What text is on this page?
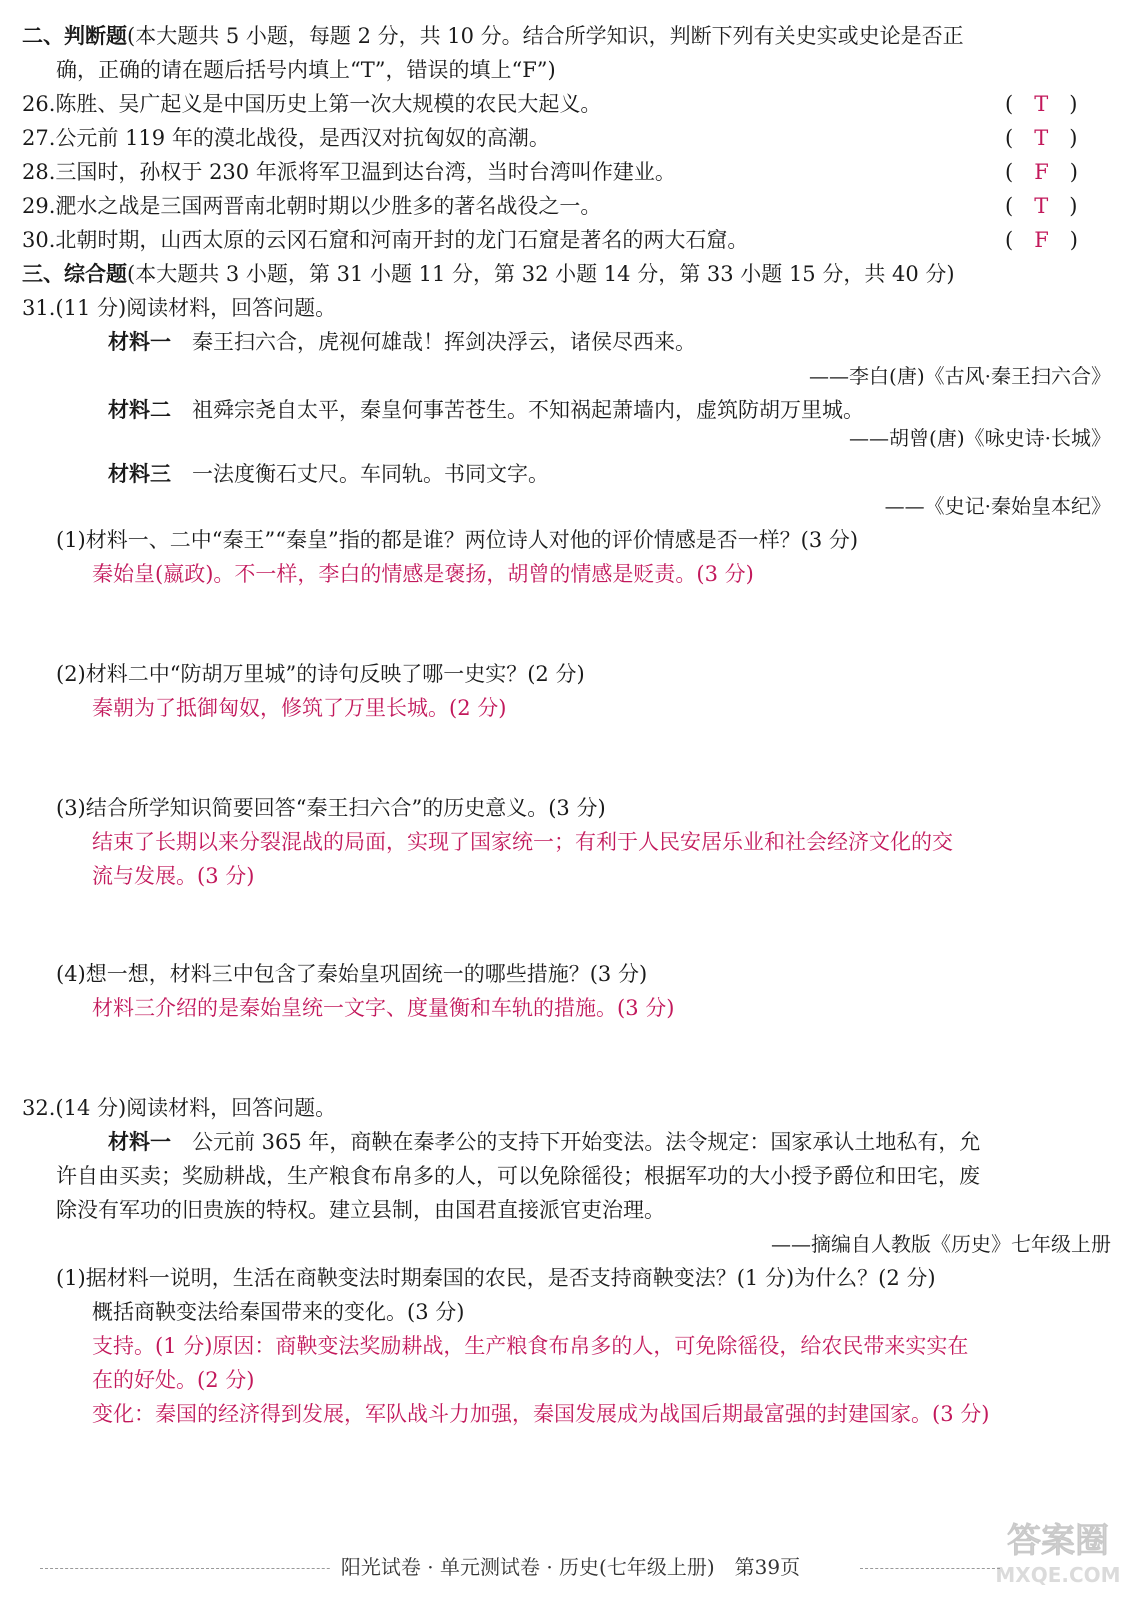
二、判断题(本大题共 5 小题，每题 2 分，共 10 分。结合所学知识，判断下列有关史实或史论是否正
确，正确的请在题后括号内填上“T”，错误的填上“F”)
26.陈胜、吴广起义是中国历史上第一次大规模的农民大起义。	(　T　)
27.公元前 119 年的漠北战役，是西汉对抗匈奴的高潮。	(　T　)
28.三国时，孙权于 230 年派将军卫温到达台湾，当时台湾叫作建业。	(　F　)
29.淝水之战是三国两晋南北朝时期以少胜多的著名战役之一。	(　T　)
30.北朝时期，山西太原的云冈石窟和河南开封的龙门石窟是著名的两大石窟。	(　F　)
三、综合题(本大题共 3 小题，第 31 小题 11 分，第 32 小题 14 分，第 33 小题 15 分，共 40 分)
31.(11 分)阅读材料，回答问题。
材料一　 秦王扫六合，虎视何雄哉！挥剑决浮云，诸侯尽西来。
——李白(唐)《古风·秦王扫六合》
材料二　 祖舜宗尧自太平，秦皇何事苦苍生。不知祸起萧墙内，虚筑防胡万里城。
——胡曾(唐)《咏史诗·长城》
材料三　 一法度衡石丈尺。车同轨。书同文字。
——《史记·秦始皇本纪》
(1)材料一、二中“秦王”“秦皇”指的都是谁？两位诗人对他的评价情感是否一样？(3 分)
秦始皇(嬴政)。不一样，李白的情感是褒扬，胡曾的情感是贬责。(3 分)
(2)材料二中“防胡万里城”的诗句反映了哪一史实？(2 分)
秦朝为了抵御匈奴，修筑了万里长城。(2 分)
(3)结合所学知识简要回答“秦王扫六合”的历史意义。(3 分)
结束了长期以来分裂混战的局面，实现了国家统一；有利于人民安居乐业和社会经济文化的交
流与发展。(3 分)
(4)想一想，材料三中包含了秦始皇巩固统一的哪些措施？(3 分)
材料三介绍的是秦始皇统一文字、度量衡和车轨的措施。(3 分)
32.(14 分)阅读材料，回答问题。
材料一　 公元前 365 年，商鞅在秦孝公的支持下开始变法。法令规定：国家承认土地私有，允
许自由买卖；奖励耕战，生产粮食布帛多的人，可以免除徭役；根据军功的大小授予爵位和田宅，废
除没有军功的旧贵族的特权。建立县制，由国君直接派官吏治理。
——摘编自人教版《历史》七年级上册
(1)据材料一说明，生活在商鞅变法时期秦国的农民，是否支持商鞅变法？(1 分)为什么？(2 分)
概括商鞅变法给秦国带来的变化。(3 分)
支持。(1 分)原因：商鞅变法奖励耕战，生产粮食布帛多的人，可免除徭役，给农民带来实实在
在的好处。(2 分)
变化：秦国的经济得到发展，军队战斗力加强，秦国发展成为战国后期最富强的封建国家。(3 分)
阳光试卷 · 单元测试卷 · 历史(七年级上册)　第39页
答案圈
MXQE.COM
